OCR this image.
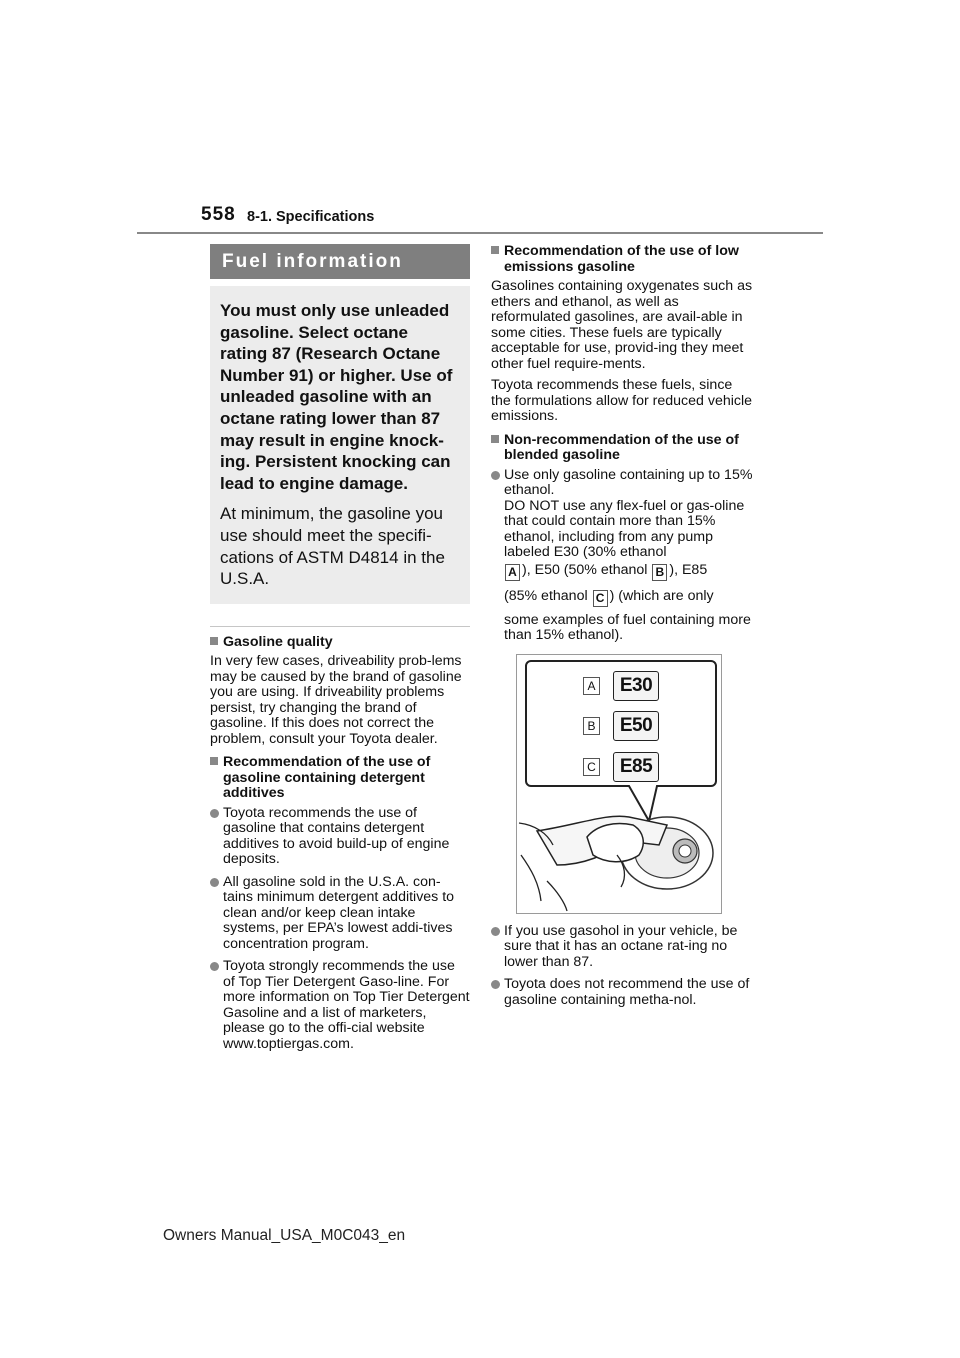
558 8-1. Specifications
Fuel information
You must only use unleaded gasoline. Select octane rating 87 (Research Octane Number 91) or higher. Use of unleaded gasoline with an octane rating lower than 87 may result in engine knock-ing. Persistent knocking can lead to engine damage.
At minimum, the gasoline you use should meet the specifi-cations of ASTM D4814 in the U.S.A.
Gasoline quality
In very few cases, driveability prob-lems may be caused by the brand of gasoline you are using. If driveability problems persist, try changing the brand of gasoline. If this does not correct the problem, consult your Toyota dealer.
Recommendation of the use of gasoline containing detergent additives
Toyota recommends the use of gasoline that contains detergent additives to avoid build-up of engine deposits.
All gasoline sold in the U.S.A. con-tains minimum detergent additives to clean and/or keep clean intake systems, per EPA’s lowest addi-tives concentration program.
Toyota strongly recommends the use of Top Tier Detergent Gaso-line. For more information on Top Tier Detergent Gasoline and a list of marketers, please go to the offi-cial website www.toptiergas.com.
Recommendation of the use of low emissions gasoline
Gasolines containing oxygenates such as ethers and ethanol, as well as reformulated gasolines, are avail-able in some cities. These fuels are typically acceptable for use, provid-ing they meet other fuel require-ments.
Toyota recommends these fuels, since the formulations allow for reduced vehicle emissions.
Non-recommendation of the use of blended gasoline
Use only gasoline containing up to 15% ethanol.
DO NOT use any flex-fuel or gas-oline that could contain more than 15% ethanol, including from any pump labeled E30 (30% ethanol
A ), E50 (50% ethanol B ), E85
(85% ethanol C ) (which are only
some examples of fuel containing more than 15% ethanol).
A	E30
B	E50
C	E85
If you use gasohol in your vehicle, be sure that it has an octane rat-ing no lower than 87.
Toyota does not recommend the use of gasoline containing metha-nol.
Owners Manual_USA_M0C043_en
